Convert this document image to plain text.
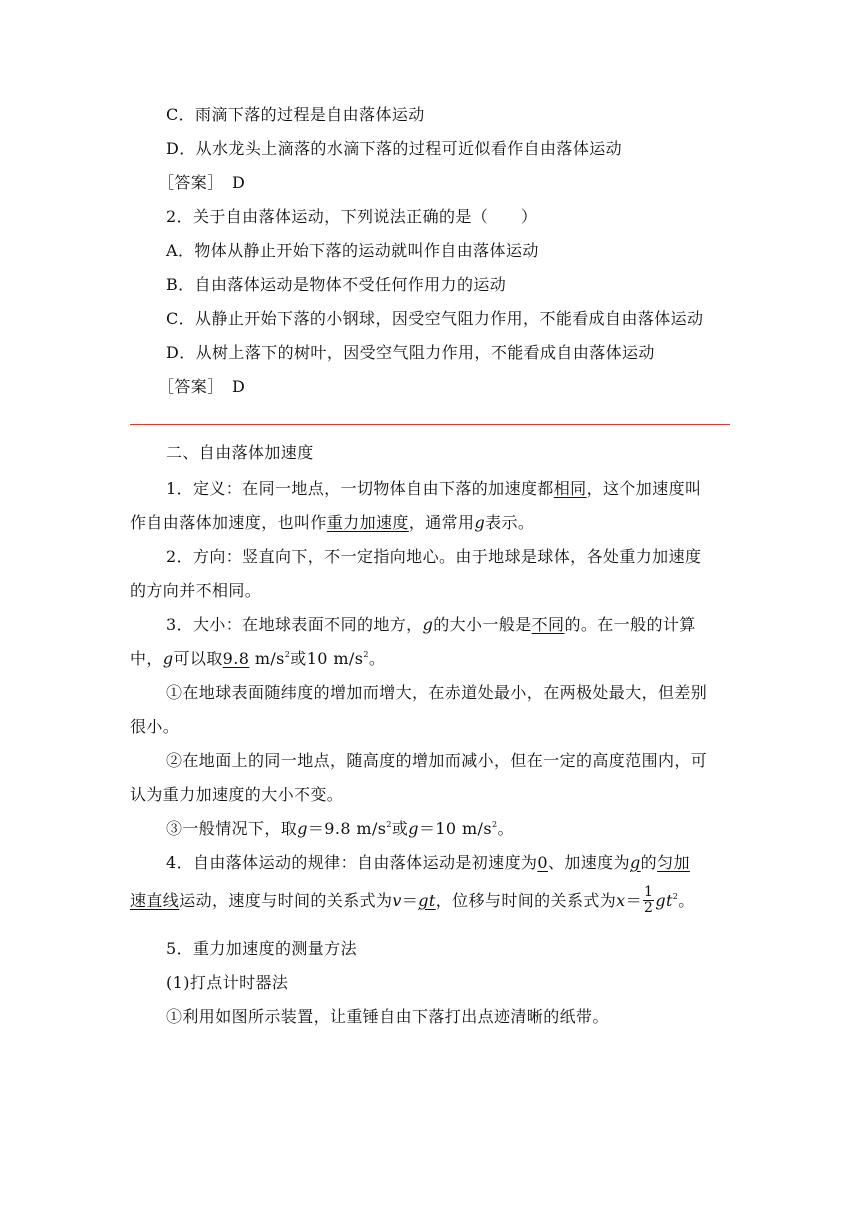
C．雨滴下落的过程是自由落体运动
D．从水龙头上滴落的水滴下落的过程可近似看作自由落体运动
［答案］　D
2．关于自由落体运动，下列说法正确的是（　　）
A．物体从静止开始下落的运动就叫作自由落体运动
B．自由落体运动是物体不受任何作用力的运动
C．从静止开始下落的小钢球，因受空气阻力作用，不能看成自由落体运动
D．从树上落下的树叶，因受空气阻力作用，不能看成自由落体运动
［答案］　D
二、自由落体加速度
1．定义：在同一地点，一切物体自由下落的加速度都相同，这个加速度叫
作自由落体加速度，也叫作重力加速度，通常用g表示。
2．方向：竖直向下，不一定指向地心。由于地球是球体，各处重力加速度
的方向并不相同。
3．大小：在地球表面不同的地方，g的大小一般是不同的。在一般的计算
中，g可以取9.8 $m/s^2$或10 $m/s^2$。
①在地球表面随纬度的增加而增大，在赤道处最小，在两极处最大，但差别
很小。
②在地面上的同一地点，随高度的增加而减小，但在一定的高度范围内，可
认为重力加速度的大小不变。
③一般情况下，取g＝9.8 $m/s^2$或g＝10 $m/s^2$。
4．自由落体运动的规律：自由落体运动是初速度为0、加速度为g的匀加
速直线运动，速度与时间的关系式为v＝gt，位移与时间的关系式为$x= \frac{1}{2} gt^2$。
5．重力加速度的测量方法
(1)打点计时器法
①利用如图所示装置，让重锤自由下落打出点迹清晰的纸带。
